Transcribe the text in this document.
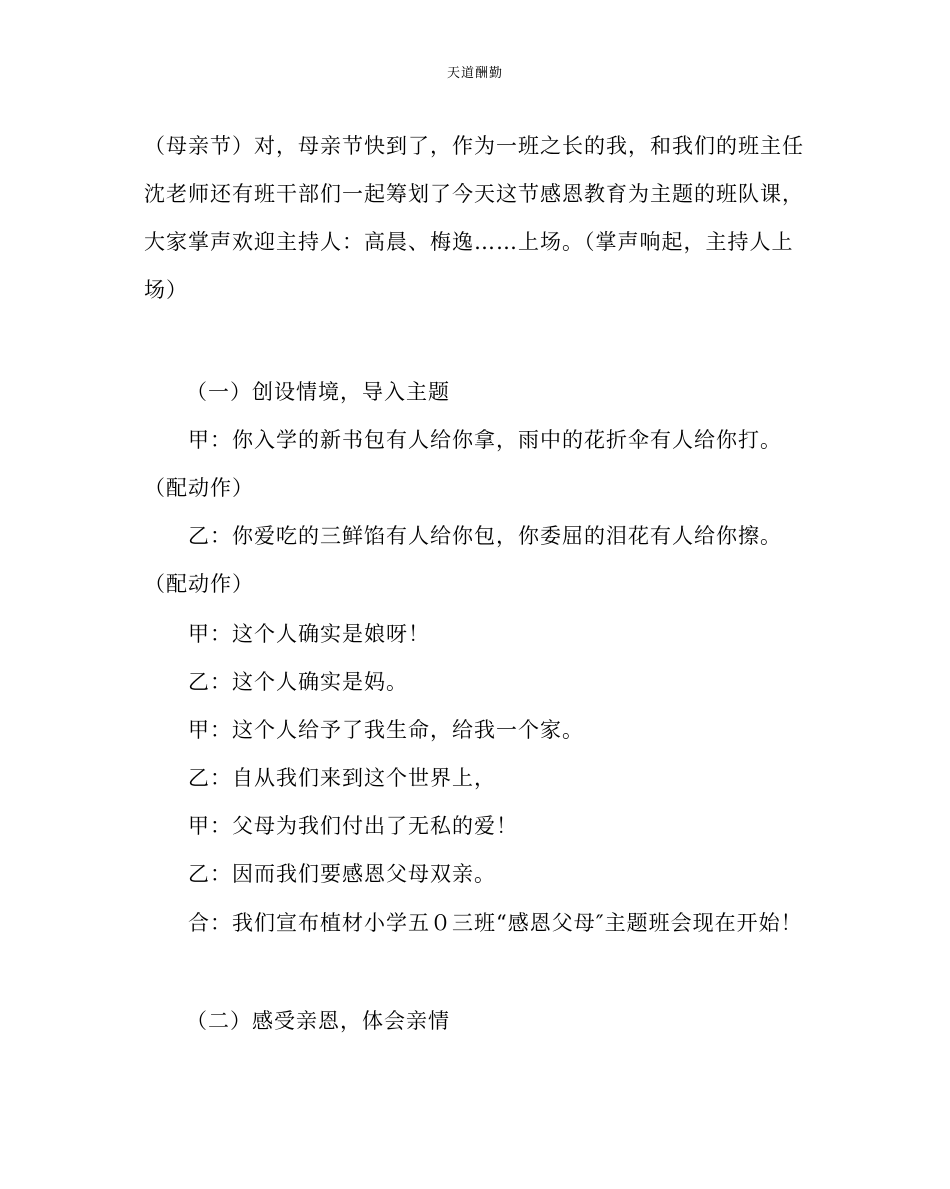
天道酬勤
（母亲节）对，母亲节快到了，作为一班之长的我，和我们的班主任沈老师还有班干部们一起筹划了今天这节感恩教育为主题的班队课，大家掌声欢迎主持人：高晨、梅逸……上场。（掌声响起，主持人上场）
（一）创设情境，导入主题
甲：你入学的新书包有人给你拿，雨中的花折伞有人给你打。
（配动作）
乙：你爱吃的三鲜馅有人给你包，你委屈的泪花有人给你擦。
（配动作）
甲：这个人确实是娘呀！
乙：这个人确实是妈。
甲：这个人给予了我生命，给我一个家。
乙：自从我们来到这个世界上，
甲：父母为我们付出了无私的爱！
乙：因而我们要感恩父母双亲。
合：我们宣布植材小学五０三班“感恩父母″主题班会现在开始！
（二）感受亲恩，体会亲情
